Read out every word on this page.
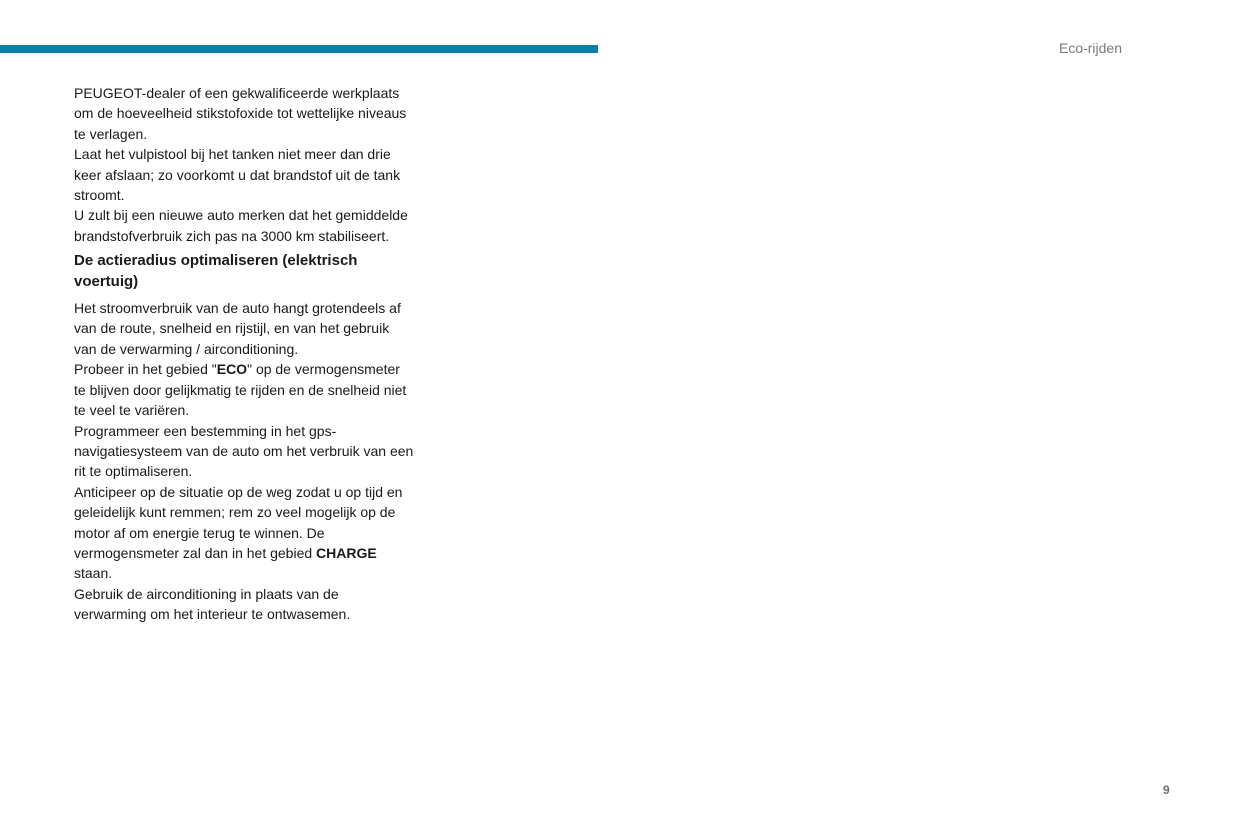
Eco-rijden

PEUGEOT-dealer of een gekwalificeerde werkplaats om de hoeveelheid stikstofoxide tot wettelijke niveaus te verlagen.

Laat het vulpistool bij het tanken niet meer dan drie keer afslaan; zo voorkomt u dat brandstof uit de tank stroomt.

U zult bij een nieuwe auto merken dat het gemiddelde brandstofverbruik zich pas na 3000 km stabiliseert.

De actieradius optimaliseren (elektrisch voertuig)

Het stroomverbruik van de auto hangt grotendeels af van de route, snelheid en rijstijl, en van het gebruik van de verwarming / airconditioning.

Probeer in het gebied "ECO" op de vermogensmeter te blijven door gelijkmatig te rijden en de snelheid niet te veel te variëren.

Programmeer een bestemming in het gps-navigatiesysteem van de auto om het verbruik van een rit te optimaliseren.

Anticipeer op de situatie op de weg zodat u op tijd en geleidelijk kunt remmen; rem zo veel mogelijk op de motor af om energie terug te winnen. De vermogensmeter zal dan in het gebied CHARGE staan.

Gebruik de airconditioning in plaats van de verwarming om het interieur te ontwasemen.

9
